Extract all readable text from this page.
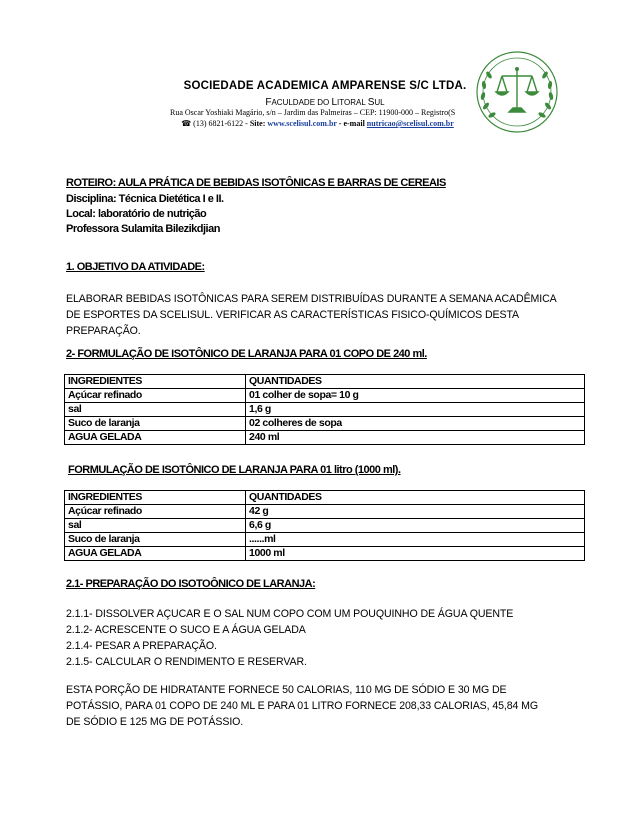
SOCIEDADE ACADEMICA AMPARENSE S/C LTDA.
FACULDADE DO LITORAL SUL
Rua Oscar Yoshiaki Magário, s/n – Jardim das Palmeiras – CEP: 11900-000 – Registro(S
☎ (13) 6821-6122 - Site: www.scelisul.com.br - e-mail nutricao@scelisul.com.br
ROTEIRO: AULA PRÁTICA DE BEBIDAS ISOTÔNICAS E BARRAS DE CEREAIS
Disciplina: Técnica Dietética I e II.
Local: laboratório de nutrição
Professora Sulamita Bilezikdjian
1. OBJETIVO DA ATIVIDADE:
ELABORAR BEBIDAS ISOTÔNICAS PARA SEREM DISTRIBUÍDAS DURANTE A SEMANA ACADÊMICA
DE ESPORTES DA SCELISUL. VERIFICAR AS CARACTERÍSTICAS FISICO-QUÍMICOS DESTA
PREPARAÇÃO.
2- FORMULAÇÃO DE ISOTÔNICO DE LARANJA PARA 01 COPO DE 240 ml.
INGREDIENTES	QUANTIDADES
Açúcar refinado	01 colher de sopa= 10 g
sal	1,6 g
Suco de laranja	02 colheres de sopa
AGUA GELADA	240 ml
FORMULAÇÃO DE ISOTÔNICO DE LARANJA PARA 01 litro (1000 ml).
INGREDIENTES	QUANTIDADES
Açúcar refinado	42 g
sal	6,6 g
Suco de laranja	......ml
AGUA GELADA	1000 ml
2.1- PREPARAÇÃO DO ISOTOÔNICO DE LARANJA:
2.1.1- DISSOLVER AÇUCAR E O SAL NUM COPO COM UM POUQUINHO DE ÁGUA QUENTE
2.1.2- ACRESCENTE O SUCO E A ÁGUA GELADA
2.1.4- PESAR A PREPARAÇÃO.
2.1.5- CALCULAR O RENDIMENTO E RESERVAR.
ESTA PORÇÃO DE HIDRATANTE FORNECE 50 CALORIAS, 110 MG DE SÓDIO E 30 MG DE
POTÁSSIO, PARA 01 COPO DE 240 ML E PARA 01 LITRO FORNECE 208,33 CALORIAS, 45,84 MG
DE SÓDIO E 125 MG DE POTÁSSIO.
